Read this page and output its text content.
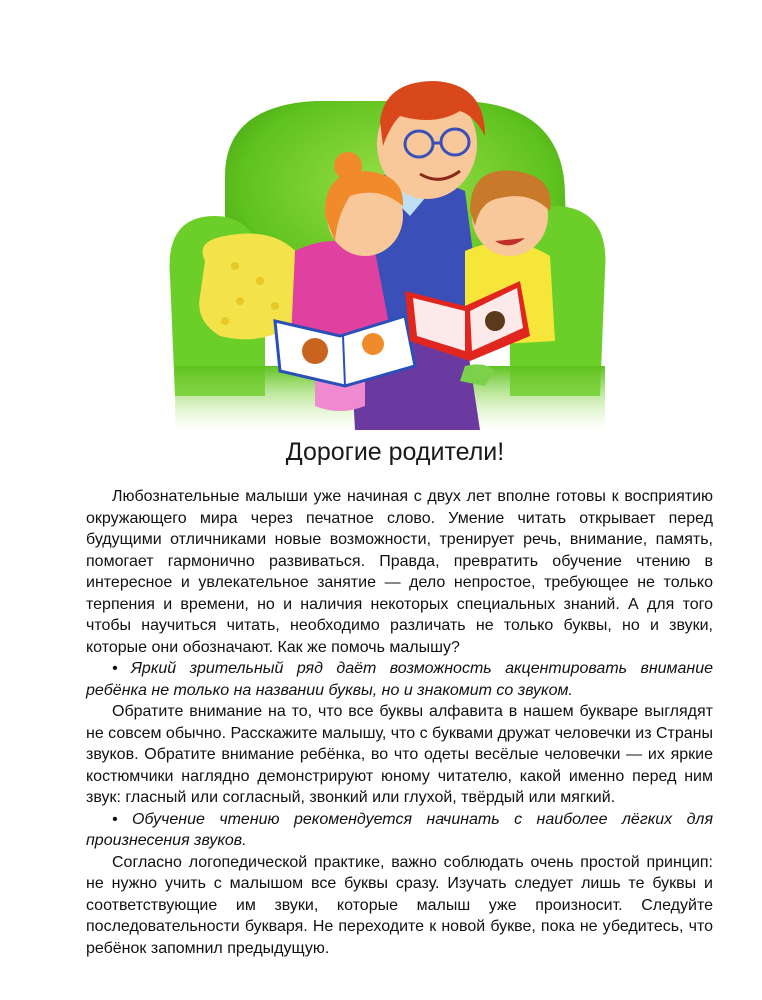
Дорогие родители!

Любознательные малыши уже начиная с двух лет вполне готовы к восприятию окружающего мира через печатное слово. Умение читать открывает перед будущими отличниками новые возможности, тренирует речь, внимание, память, помогает гармонично развиваться. Правда, превратить обучение чтению в интересное и увлекательное занятие — дело непростое, требующее не только терпения и времени, но и наличия некоторых специальных знаний. А для того чтобы научиться читать, необходимо различать не только буквы, но и звуки, которые они обозначают. Как же помочь малышу?

• Яркий зрительный ряд даёт возможность акцентировать внимание ребёнка не только на названии буквы, но и знакомит со звуком.

Обратите внимание на то, что все буквы алфавита в нашем букваре выглядят не совсем обычно. Расскажите малышу, что с буквами дружат человечки из Страны звуков. Обратите внимание ребёнка, во что одеты весёлые человечки — их яркие костюмчики наглядно демонстрируют юному читателю, какой именно перед ним звук: гласный или согласный, звонкий или глухой, твёрдый или мягкий.

• Обучение чтению рекомендуется начинать с наиболее лёгких для произнесения звуков.

Согласно логопедической практике, важно соблюдать очень простой принцип: не нужно учить с малышом все буквы сразу. Изучать следует лишь те буквы и соответствующие им звуки, которые малыш уже произносит. Следуйте последовательности букваря. Не переходите к новой букве, пока не убедитесь, что ребёнок запомнил предыдущую.
